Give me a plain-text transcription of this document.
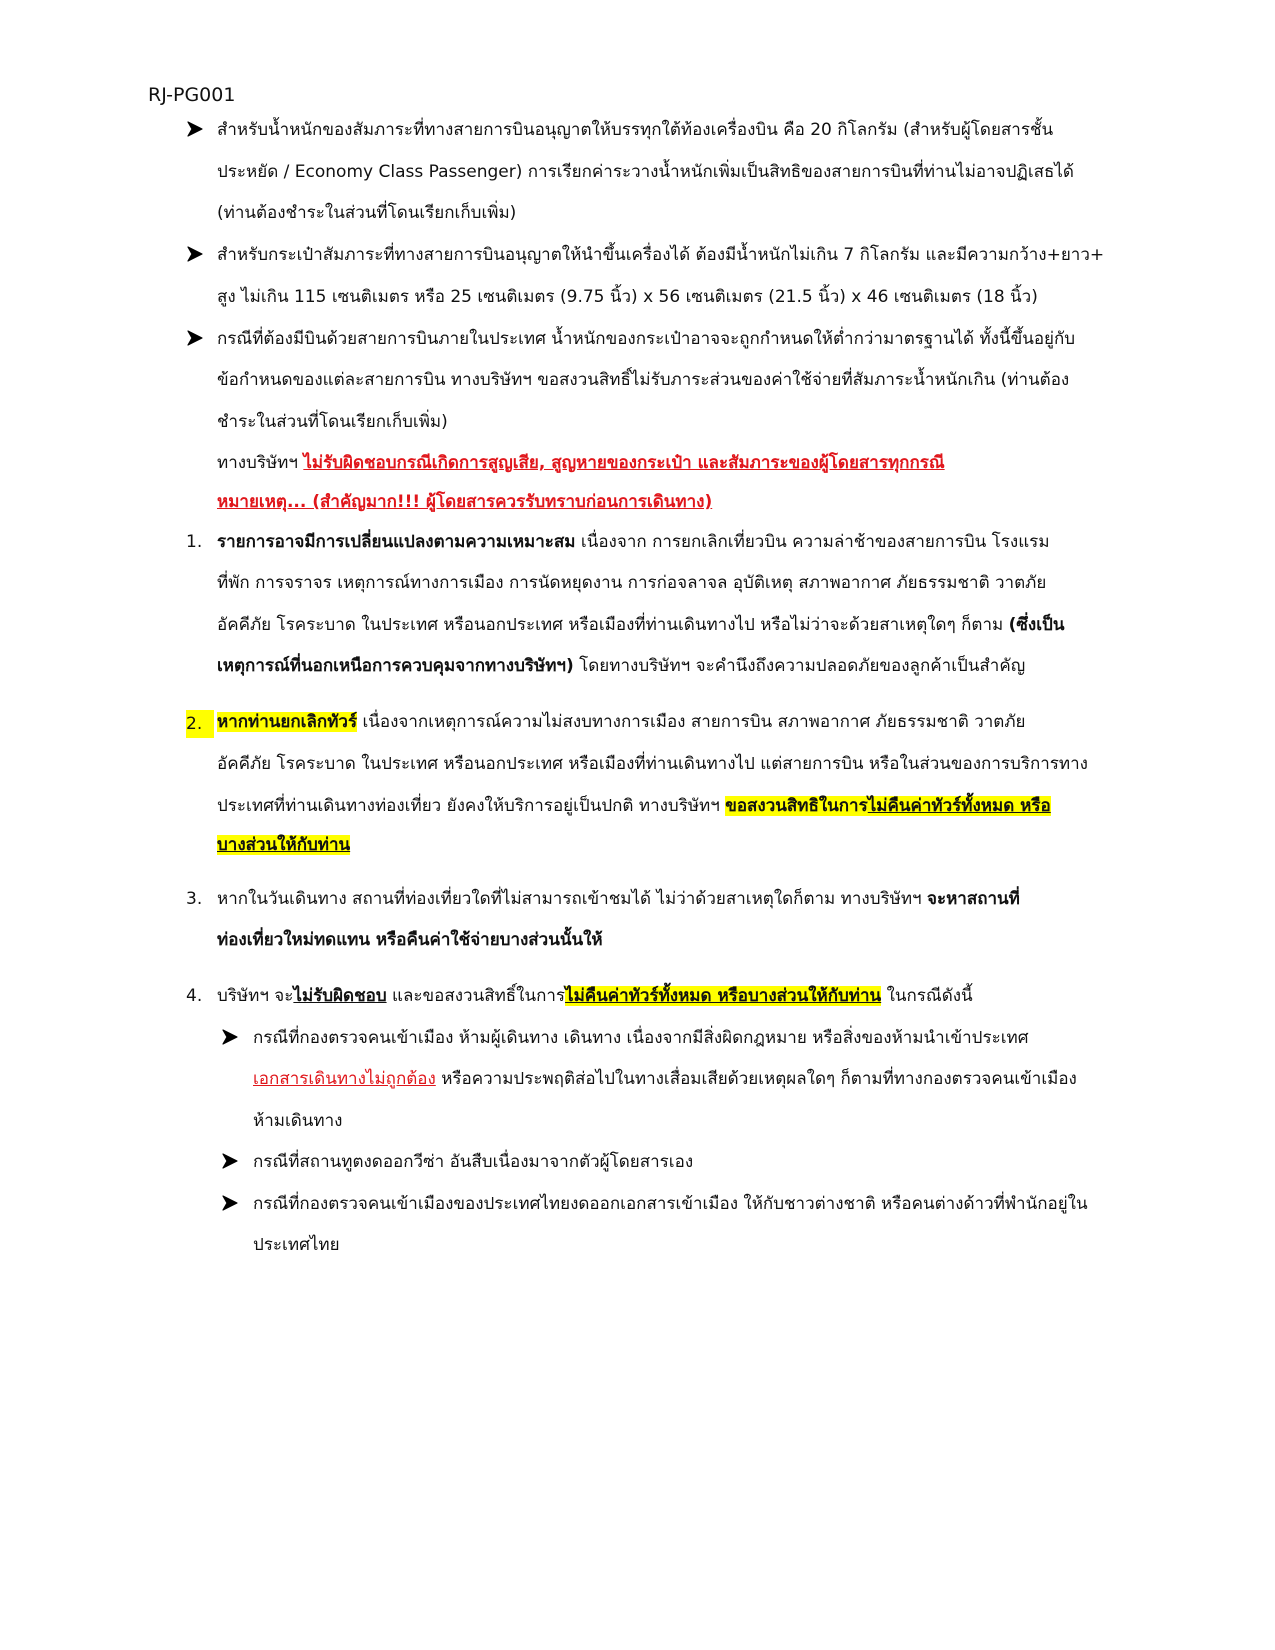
RJ-PG001
สำหรับน้ำหนักของสัมภาระที่ทางสายการบินอนุญาตให้บรรทุกใต้ท้องเครื่องบิน คือ 20 กิโลกรัม (สำหรับผู้โดยสารชั้น
ประหยัด / Economy Class Passenger) การเรียกค่าระวางน้ำหนักเพิ่มเป็นสิทธิของสายการบินที่ท่านไม่อาจปฏิเสธได้
(ท่านต้องชำระในส่วนที่โดนเรียกเก็บเพิ่ม)
สำหรับกระเป๋าสัมภาระที่ทางสายการบินอนุญาตให้นำขึ้นเครื่องได้ ต้องมีน้ำหนักไม่เกิน 7 กิโลกรัม และมีความกว้าง+ยาว+
สูง ไม่เกิน 115 เซนติเมตร หรือ 25 เซนติเมตร (9.75 นิ้ว) x 56 เซนติเมตร (21.5 นิ้ว) x 46 เซนติเมตร (18 นิ้ว)
กรณีที่ต้องมีบินด้วยสายการบินภายในประเทศ น้ำหนักของกระเป๋าอาจจะถูกกำหนดให้ต่ำกว่ามาตรฐานได้ ทั้งนี้ขึ้นอยู่กับ
ข้อกำหนดของแต่ละสายการบิน ทางบริษัทฯ ขอสงวนสิทธิ์ไม่รับภาระส่วนของค่าใช้จ่ายที่สัมภาระน้ำหนักเกิน (ท่านต้อง
ชำระในส่วนที่โดนเรียกเก็บเพิ่ม)
ทางบริษัทฯ ไม่รับผิดชอบกรณีเกิดการสูญเสีย, สูญหายของกระเป๋า และสัมภาระของผู้โดยสารทุกกรณี
หมายเหตุ... (สำคัญมาก!!! ผู้โดยสารควรรับทราบก่อนการเดินทาง)
1. รายการอาจมีการเปลี่ยนแปลงตามความเหมาะสม เนื่องจาก การยกเลิกเที่ยวบิน ความล่าช้าของสายการบิน โรงแรม
ที่พัก การจราจร เหตุการณ์ทางการเมือง การนัดหยุดงาน การก่อจลาจล อุบัติเหตุ สภาพอากาศ ภัยธรรมชาติ วาตภัย
อัคคีภัย โรคระบาด ในประเทศ หรือนอกประเทศ หรือเมืองที่ท่านเดินทางไป หรือไม่ว่าจะด้วยสาเหตุใดๆ ก็ตาม (ซึ่งเป็น
เหตุการณ์ที่นอกเหนือการควบคุมจากทางบริษัทฯ) โดยทางบริษัทฯ จะคำนึงถึงความปลอดภัยของลูกค้าเป็นสำคัญ
2. หากท่านยกเลิกทัวร์ เนื่องจากเหตุการณ์ความไม่สงบทางการเมือง สายการบิน สภาพอากาศ ภัยธรรมชาติ วาตภัย
อัคคีภัย โรคระบาด ในประเทศ หรือนอกประเทศ หรือเมืองที่ท่านเดินทางไป แต่สายการบิน หรือในส่วนของการบริการทาง
ประเทศที่ท่านเดินทางท่องเที่ยว ยังคงให้บริการอยู่เป็นปกติ ทางบริษัทฯ ขอสงวนสิทธิในการไม่คืนค่าทัวร์ทั้งหมด หรือ
บางส่วนให้กับท่าน
3. หากในวันเดินทาง สถานที่ท่องเที่ยวใดที่ไม่สามารถเข้าชมได้ ไม่ว่าด้วยสาเหตุใดก็ตาม ทางบริษัทฯ จะหาสถานที่
ท่องเที่ยวใหม่ทดแทน หรือคืนค่าใช้จ่ายบางส่วนนั้นให้
4. บริษัทฯ จะไม่รับผิดชอบ และขอสงวนสิทธิ์ในการไม่คืนค่าทัวร์ทั้งหมด หรือบางส่วนให้กับท่าน ในกรณีดังนี้
กรณีที่กองตรวจคนเข้าเมือง ห้ามผู้เดินทาง เดินทาง เนื่องจากมีสิ่งผิดกฎหมาย หรือสิ่งของห้ามนำเข้าประเทศ
เอกสารเดินทางไม่ถูกต้อง หรือความประพฤติส่อไปในทางเสื่อมเสียด้วยเหตุผลใดๆ ก็ตามที่ทางกองตรวจคนเข้าเมือง
ห้ามเดินทาง
กรณีที่สถานทูตงดออกวีซ่า อันสืบเนื่องมาจากตัวผู้โดยสารเอง
กรณีที่กองตรวจคนเข้าเมืองของประเทศไทยงดออกเอกสารเข้าเมือง ให้กับชาวต่างชาติ หรือคนต่างด้าวที่พำนักอยู่ใน
ประเทศไทย
